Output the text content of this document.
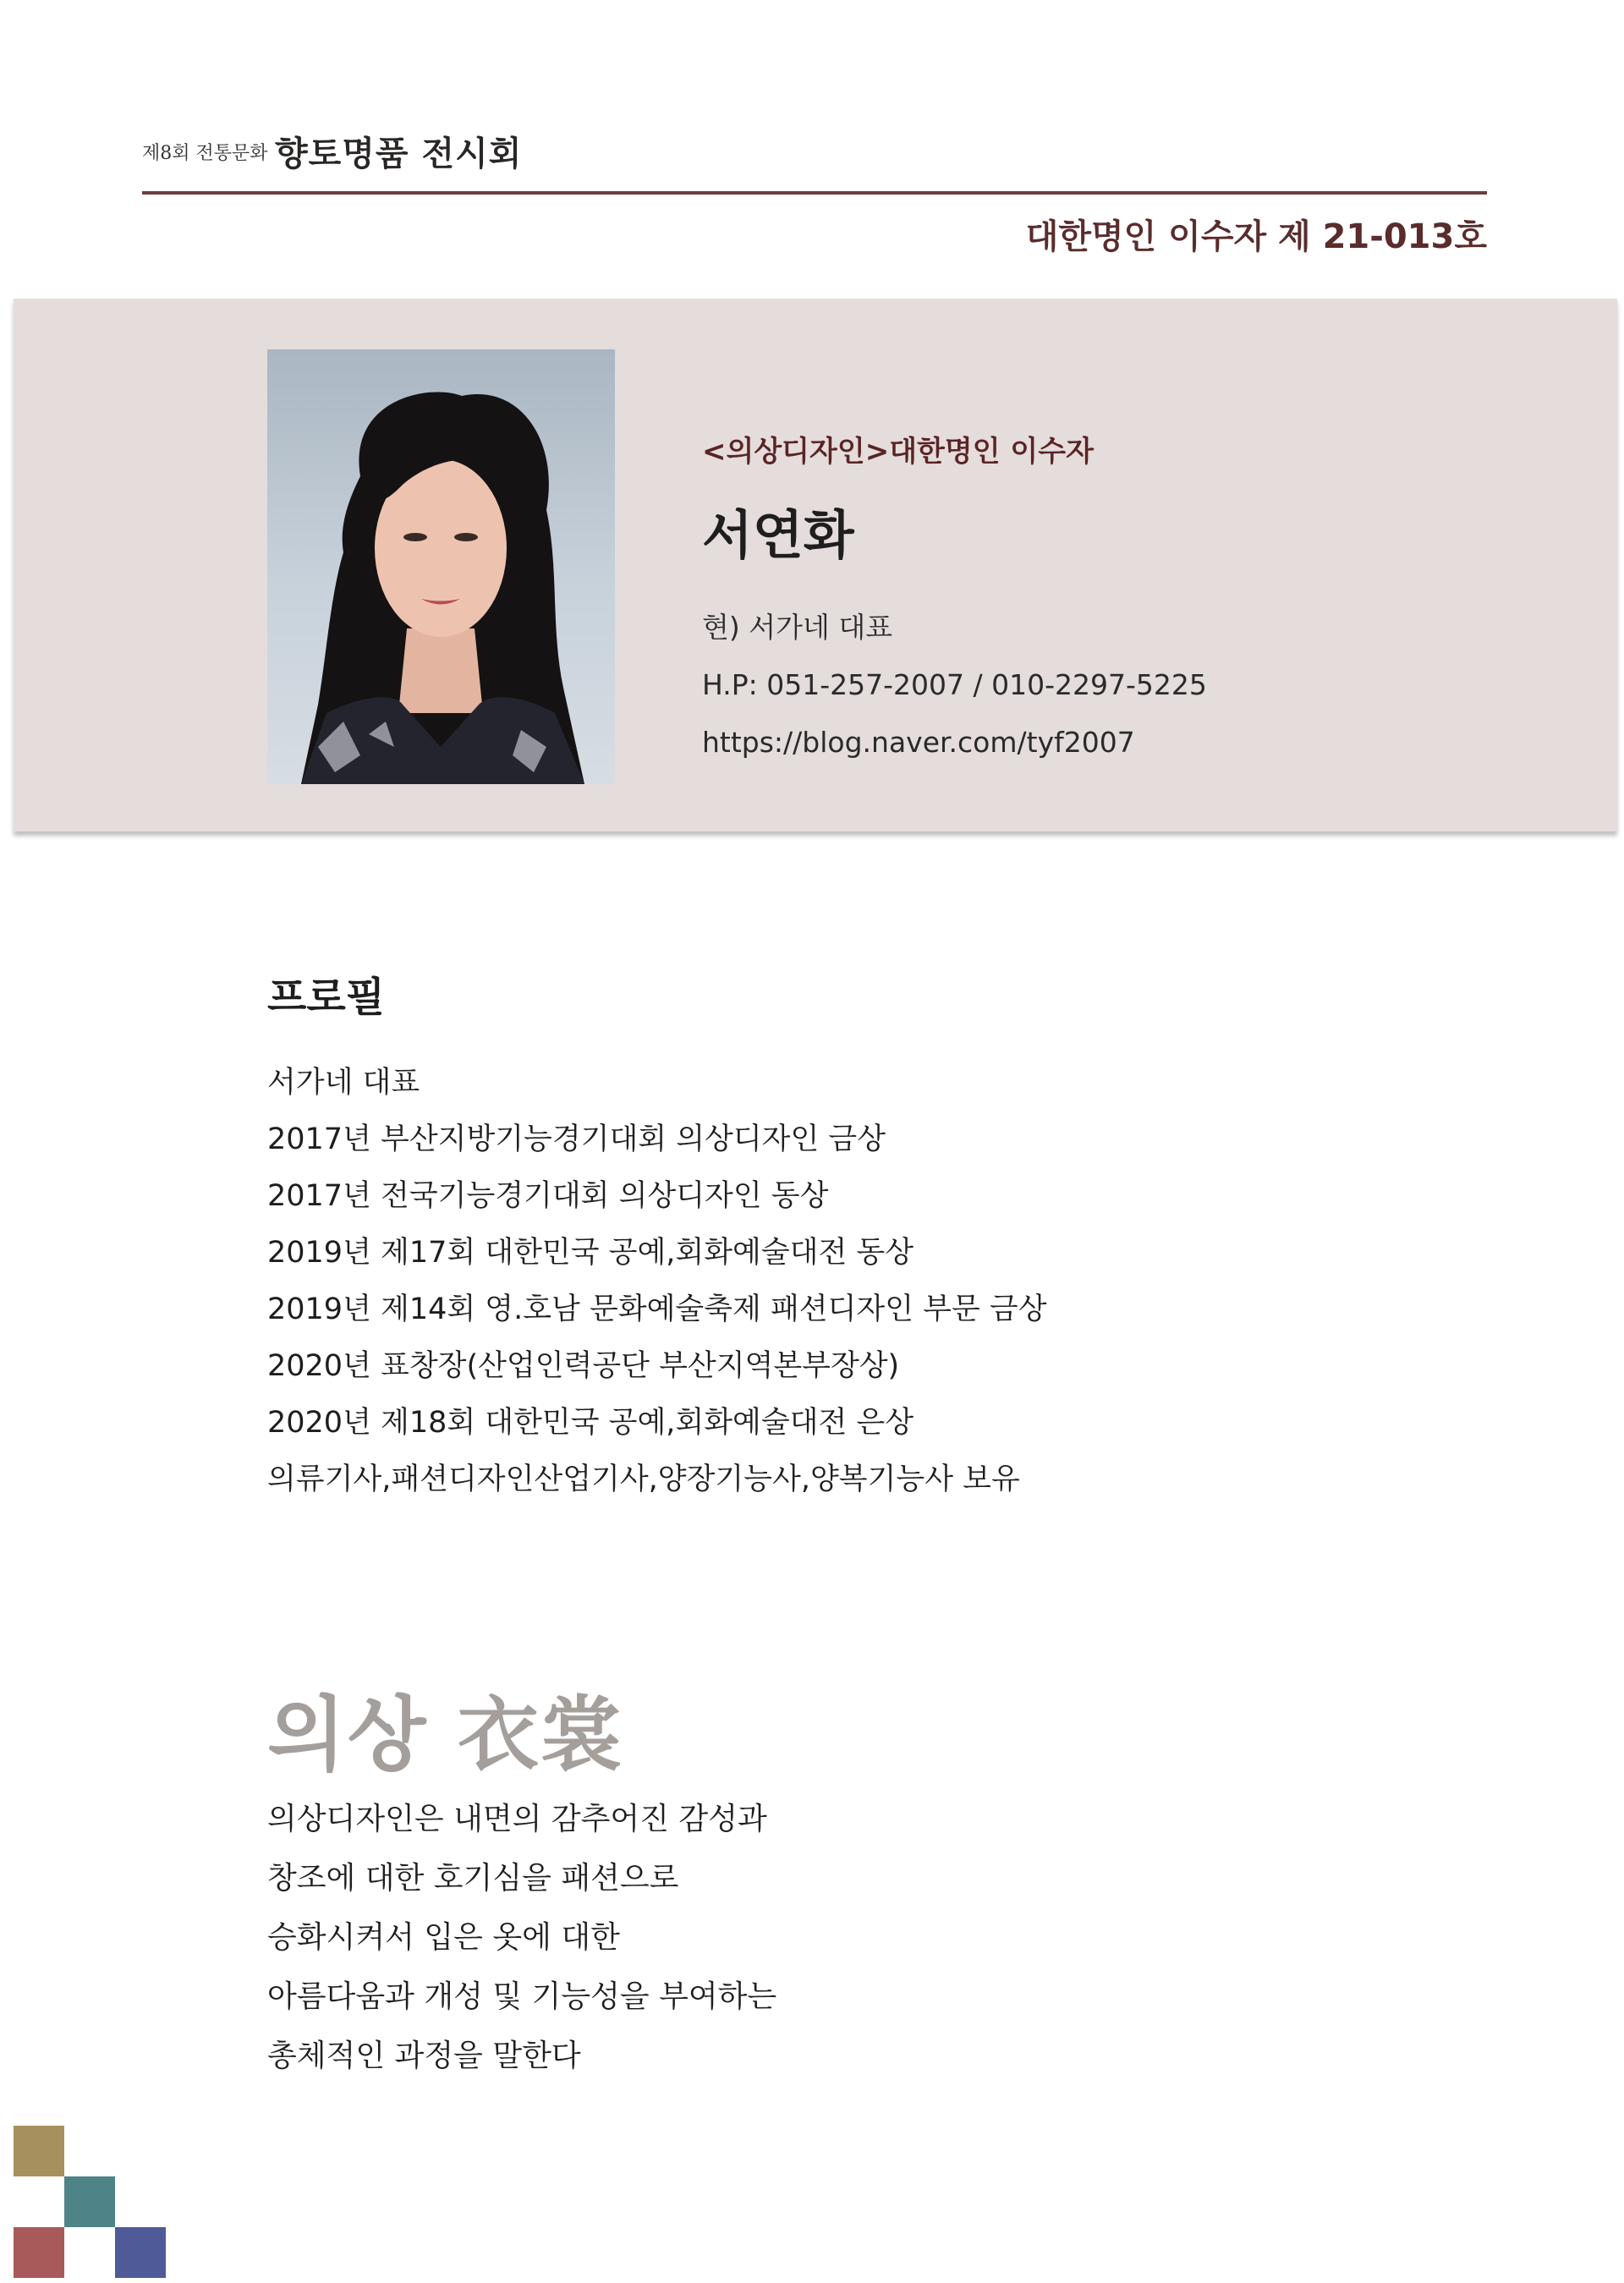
제8회 전통문화 향토명품 전시회
대한명인 이수자 제 21-013호
<의상디자인>대한명인 이수자
서연화
현) 서가네 대표
H.P: 051-257-2007 / 010-2297-5225
https://blog.naver.com/tyf2007
프로필
서가네 대표
2017년 부산지방기능경기대회 의상디자인 금상
2017년 전국기능경기대회 의상디자인 동상
2019년 제17회 대한민국 공예,회화예술대전 동상
2019년 제14회 영.호남 문화예술축제 패션디자인 부문 금상
2020년 표창장(산업인력공단 부산지역본부장상)
2020년 제18회 대한민국 공예,회화예술대전 은상
의류기사,패션디자인산업기사,양장기능사,양복기능사 보유
의상 衣裳
의상디자인은 내면의 감추어진 감성과
창조에 대한 호기심을 패션으로
승화시켜서 입은 옷에 대한
아름다움과 개성 및 기능성을 부여하는
총체적인 과정을 말한다
